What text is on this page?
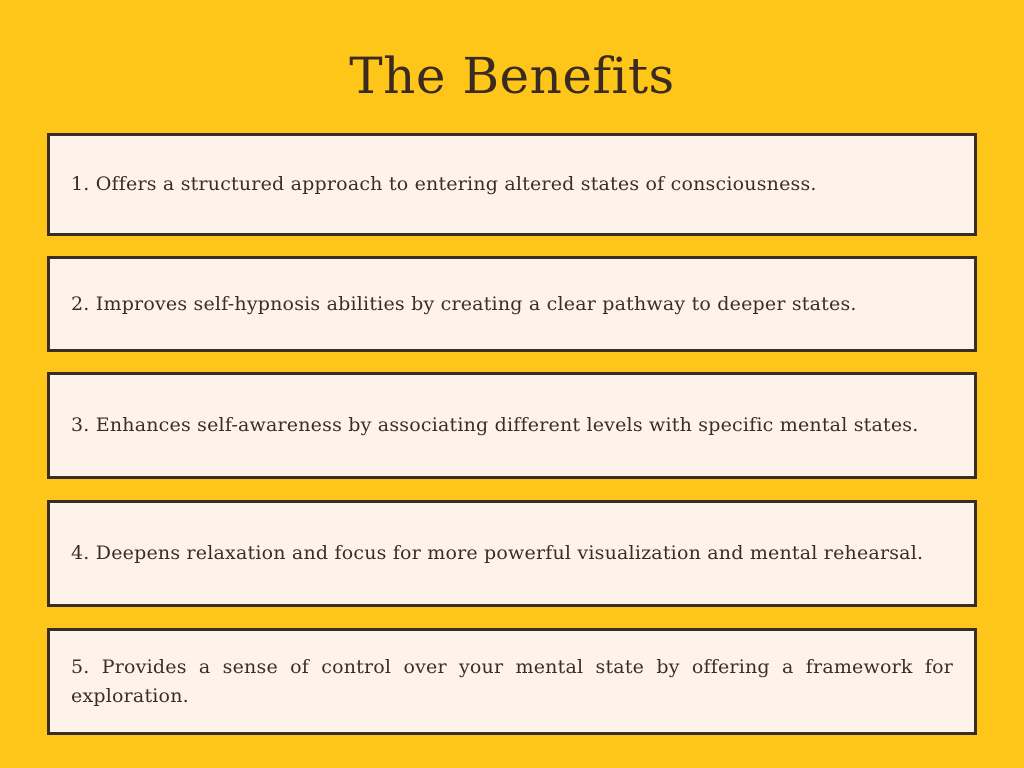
The Benefits
1. Offers a structured approach to entering altered states of consciousness.
2. Improves self-hypnosis abilities by creating a clear pathway to deeper states.
3. Enhances self-awareness by associating different levels with specific mental states.
4. Deepens relaxation and focus for more powerful visualization and mental rehearsal.
5. Provides a sense of control over your mental state by offering a framework for exploration.
